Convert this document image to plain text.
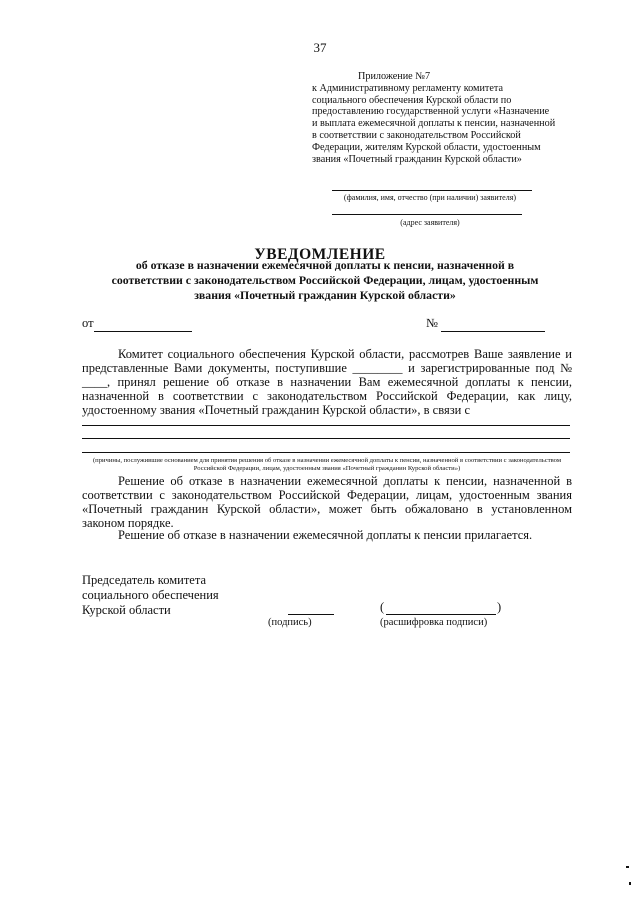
37
Приложение №7
к Административному регламенту комитета
социального обеспечения Курской области по
предоставлению государственной услуги «Назначение
и выплата ежемесячной доплаты к пенсии, назначенной
в соответствии с законодательством Российской
Федерации, жителям Курской области, удостоенным
звания «Почетный гражданин Курской области»
(фамилия, имя, отчество (при наличии) заявителя)
(адрес заявителя)
УВЕДОМЛЕНИЕ
об отказе в назначении ежемесячной доплаты к пенсии, назначенной в
соответствии с законодательством Российской Федерации, лицам, удостоенным
звания «Почетный гражданин Курской области»
от	№

Комитет социального обеспечения Курской области, рассмотрев Ваше заявление и представленные Вами документы, поступившие ________ и зарегистрированные под № ____, принял решение об отказе в назначении Вам ежемесячной доплаты к пенсии, назначенной в соответствии с законодательством Российской Федерации, как лицу, удостоенному звания «Почетный гражданин Курской области», в связи с

(причины, послужившие основанием для принятия решения об отказе в назначении ежемесячной доплаты к пенсии, назначенной в соответствии с законодательством Российской Федерации, лицам, удостоенным звания «Почетный гражданин Курской области»)

Решение об отказе в назначении ежемесячной доплаты к пенсии, назначенной в соответствии с законодательством Российской Федерации, лицам, удостоенным звания «Почетный гражданин Курской области», может быть обжаловано в установленном законом порядке.

Решение об отказе в назначении ежемесячной доплаты к пенсии прилагается.

Председатель комитета
социального обеспечения
Курской области
(подпись)
(	)
(расшифровка подписи)
